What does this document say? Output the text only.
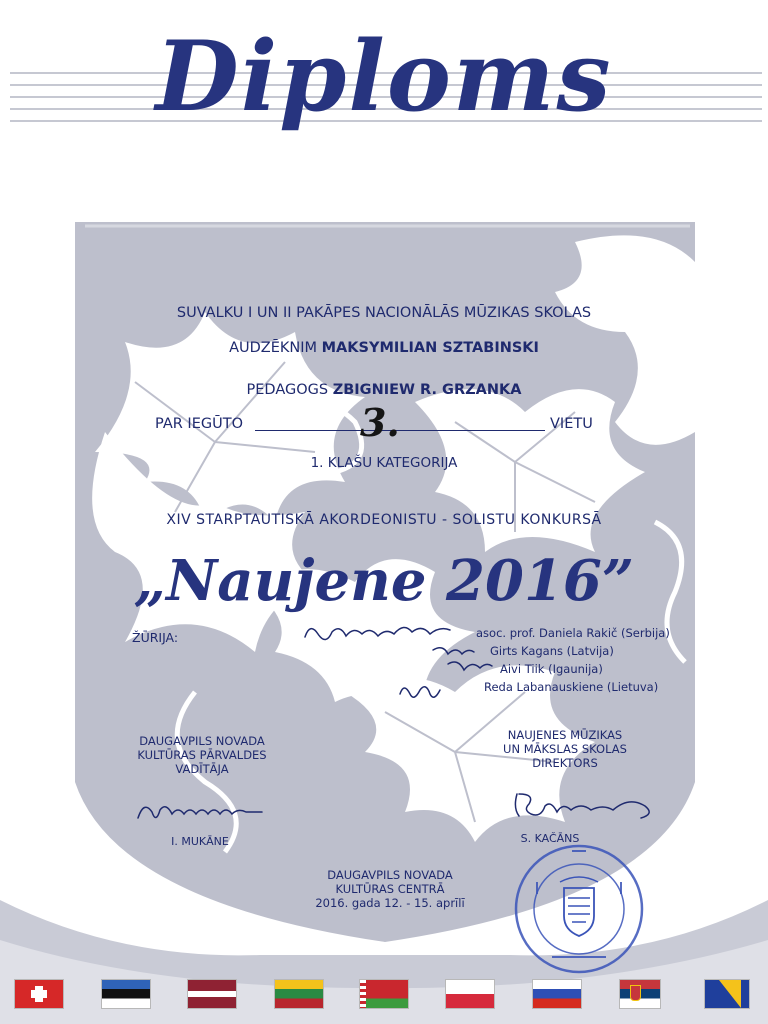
Diploms
SUVALKU I UN II PAKĀPES NACIONĀLĀS MŪZIKAS SKOLAS
AUDZĒKNIM MAKSYMILIAN SZTABINSKI
PEDAGOGS ZBIGNIEW R. GRZANKA
PAR IEGŪTO	3.	VIETU
1. KLAŠU KATEGORIJA
XIV STARPTAUTISKĀ AKORDEONISTU - SOLISTU KONKURSĀ
„Naujene 2016”
ŽŪRIJA:	asoc. prof. Daniela Rakič (Serbija)
Girts Kagans (Latvija)
Aivi Tiik (Igaunija)
Reda Labanauskiene (Lietuva)
DAUGAVPILS NOVADA
KULTŪRAS PĀRVALDES
VADĪTĀJA
I. MUKĀNE
NAUJENES MŪZIKAS
UN MĀKSLAS SKOLAS
DIREKTORS
S. KAČĀNS
DAUGAVPILS NOVADA
KULTŪRAS CENTRĀ
2016. gada 12. - 15. aprīlī
